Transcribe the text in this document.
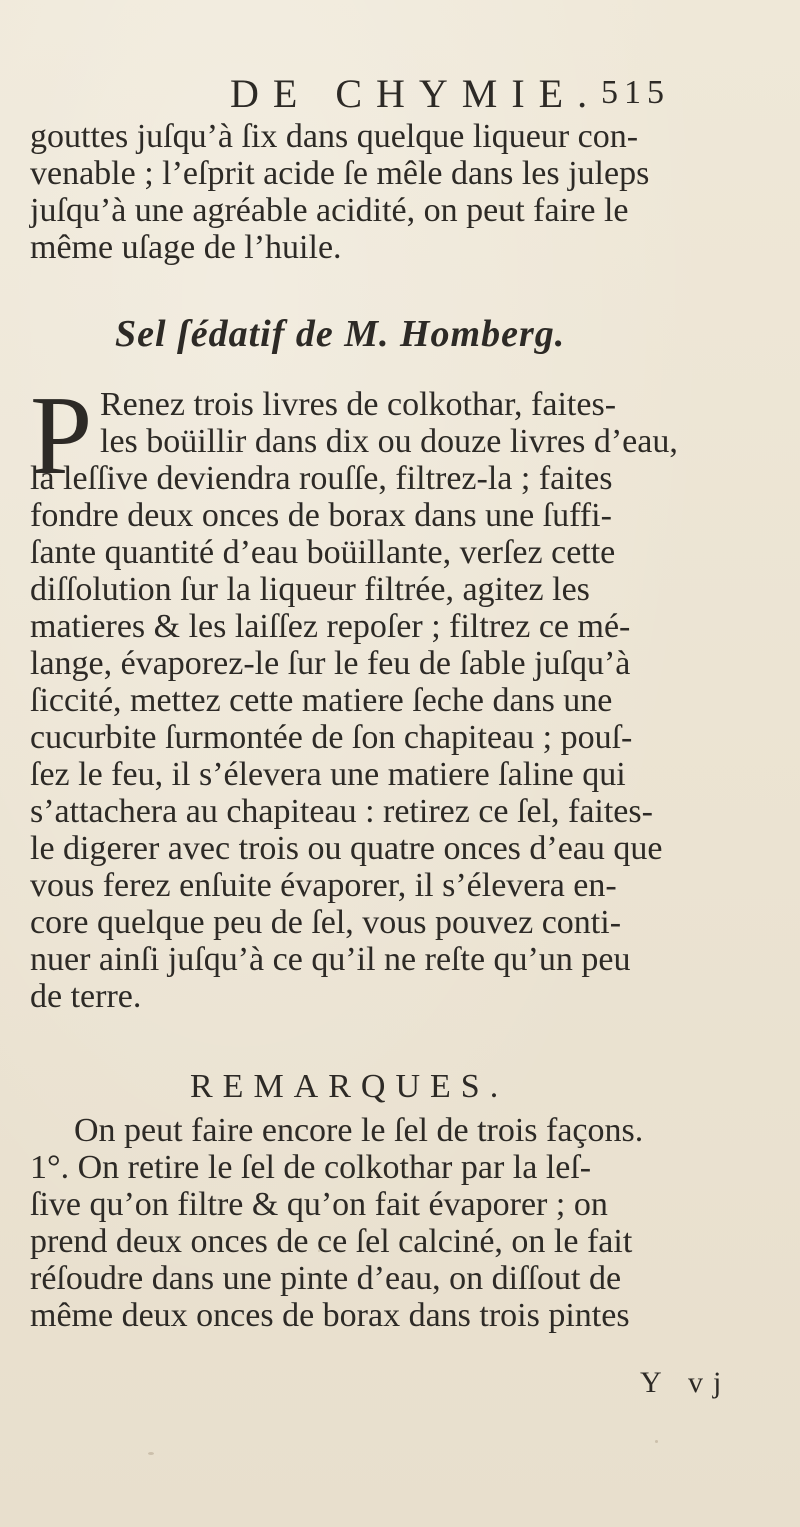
DE CHYMIE. 515
gouttes juſqu’à ſix dans quelque liqueur con-
venable ; l’eſprit acide ſe mêle dans les juleps
juſqu’à une agréable acidité, on peut faire le
même uſage de l’huile.
Sel ſédatif de M. Homberg.
P Renez trois livres de colkothar, faites-
les boüillir dans dix ou douze livres d’eau,
la leſſive deviendra rouſſe, filtrez-la ; faites
fondre deux onces de borax dans une ſuffi-
ſante quantité d’eau boüillante, verſez cette
diſſolution ſur la liqueur filtrée, agitez les
matieres & les laiſſez repoſer ; filtrez ce mé-
lange, évaporez-le ſur le feu de ſable juſqu’à
ſiccité, mettez cette matiere ſeche dans une
cucurbite ſurmontée de ſon chapiteau ; pouſ-
ſez le feu, il s’élevera une matiere ſaline qui
s’attachera au chapiteau : retirez ce ſel, faites-
le digerer avec trois ou quatre onces d’eau que
vous ferez enſuite évaporer, il s’élevera en-
core quelque peu de ſel, vous pouvez conti-
nuer ainſi juſqu’à ce qu’il ne reſte qu’un peu
de terre.
REMARQUES.
On peut faire encore le ſel de trois façons.
1°. On retire le ſel de colkothar par la leſ-
ſive qu’on filtre & qu’on fait évaporer ; on
prend deux onces de ce ſel calciné, on le fait
réſoudre dans une pinte d’eau, on diſſout de
même deux onces de borax dans trois pintes
Y vj
